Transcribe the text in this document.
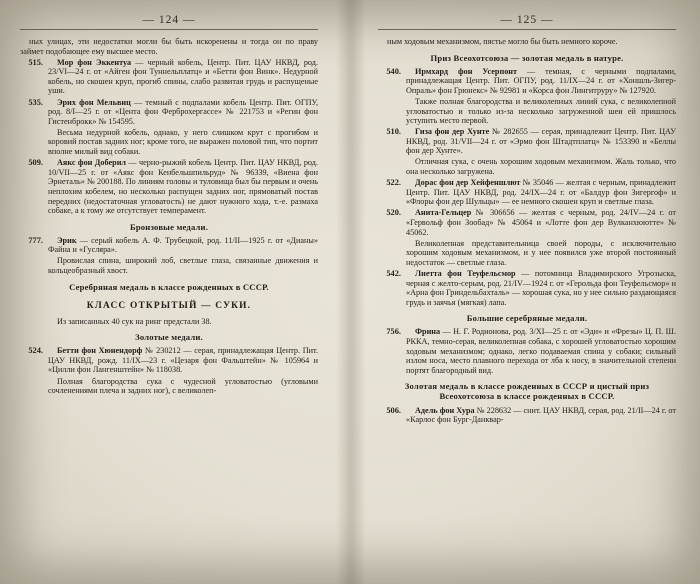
— 124 —

ных улицах, эти недостатки могли бы быть искоренены и тогда он по праву займет подобающее ему высшее место.

515.	Мор фон Эккентуа — черный кобель, Центр. Пит. ЦАУ НКВД, род. 23/VI—24 г. от «Айген фон Туннельплатц» и «Бетти фон Винк». Недурной кобель, но скошен круп, прогиб спины, слабо развитая грудь и распущеные уши.

535.	Эрих фон Мельвиц — темный с подпалами кобель Центр. Пит. ОГПУ, род. 8/I—25 г. от «Цента фон Ферброхергассе» № 221753 и «Регин фон Гистенброкк» № 154595.

Весьма недурной кобель, однако, у него слишком крут с прогибом и коровий постав задних ног; кроме того, не выражен половой тип, что портит вполне милый вид собаки.

509.	Аякс фон Доберил — черно-рыжий кобель Центр. Пит. ЦАУ НКВД, род. 10/VII—25 г. от «Аякс фон Кенбельшпильруд» № 96339, «Виена фон Эрнеталь» № 200188. По линиям головы и туловища был бы первым и очень неплохим кобелем, но несколько распущен задних ног, прямоватый постав передних (недостаточная угловатость) не дают нужного хода, т.-е. размаха собаке, а к тому же отсутствует темперамент.

Бронзовые медали.
777.	Эрик — серый кобель А. Ф. Трубецкой, род. 11/II—1925 г. от «Дианы» Файна и «Гуслярa».

Провислая спина, широкий лоб, светлые глаза, связанные движения и кольцеобразный хвост.

Серебряная медаль в классе рожденных в СССР.
КЛАСС ОТКРЫТЫЙ — СУКИ.

Из записанных 40 сук на ринг предстали 38.

Золотые медали.
524.	Бетти фон Хюнендорф № 230212 — серая, принадлежащая Центр. Пит. ЦАУ НКВД, рожд. 11/IX—23 г. «Цезаря фон Фальштейн» № 105964 и «Цилли фон Лангенштейн» № 118038.

Полная благородства сука с чудесной угловатостью (угловыми сочленениями плеча и задних ног), с великолеп-

— 125 —

ным ходовым механизмом, пястье могло бы быть немного короче.

Приз Всеохотсоюза — золотая медаль в натуре.
540.	Ирмхард фон Усерпонт — темная, с черными подпалами, принадлежащая Центр. Пит. ОГПУ, род. 11/IX—24 г. от «Хоншль-Зигер-Опраль» фон Грюнекс» № 92981 и «Корса фон Лингитруру» № 127920.

Также полная благородства и великолепных линий сука, с великолепной угловатостью и только из-за несколько загруженной шеи ей пришлось уступить место первой.

510.	Гиза фон дер Хунте № 282655 — серая, принадлежит Центр. Пит. ЦАУ НКВД, род. 31/VII—24 г. от «Эрмо фон Штадтплатц» № 153390 и «Беллы фон дер Хунте».

Отличная сука, с очень хорошим ходовым механизмом. Жаль только, что она несколько загружена.

522.	Дорас фон дер Хейфеншлют № 35046 — желтая с черным, принадлежит Центр. Пит. ЦАУ НКВД, род. 24/IX—24 г. от «Балдур фон Зигергоф» и «Флоры фон дер Шульцы» — ее немного скошен круп и светлые глаза.

520.	Анита-Гельцер № 306656 — желтая с черным, род. 24/IV—24 г. от «Гервольф фон Зообад» № 45064 и «Лотте фон дер Вулканхюютте» № 45062.

Великолепная представительница своей породы, с исключительно хорошим ходовым механизмом, и у нее появился уже второй постоянный недостаток — светлые глаза.

542.	Лиетта фон Теуфельсмор — потомница Владимирского Угрозыска, черная с желто-серым, род. 21/IV—1924 г. от «Герольда фон Теуфельсмор» и «Арна фон Гриндельбахталь» — хорошая сука, но у нее сильно раздающаяся грудь и заячья (мягкая) лапа.

Большие серебряные медали.
756.	Фрина — Н. Г. Родионова, род. 3/XI—25 г. от «Эди» и «Фрезы» Ц. П. Ш. РККА, темно-серая, великолепная собака, с хорошей угловатостью хорошим ходовым механизмом; однако, легко подаваемая спина у собаки; сильный излом носа, место плавного перехода от лба к носу, в значительной степени портят благородный вид.

Золотая медаль в классе рожденных в СССР и цистый приз Всеохотсоюза в классе рожденных в СССР.
506.	Адель фон Хура № 228632 — снит. ЦАУ НКВД, серая, род. 21/II—24 г. от «Карлос фон Бург-Данквар-
